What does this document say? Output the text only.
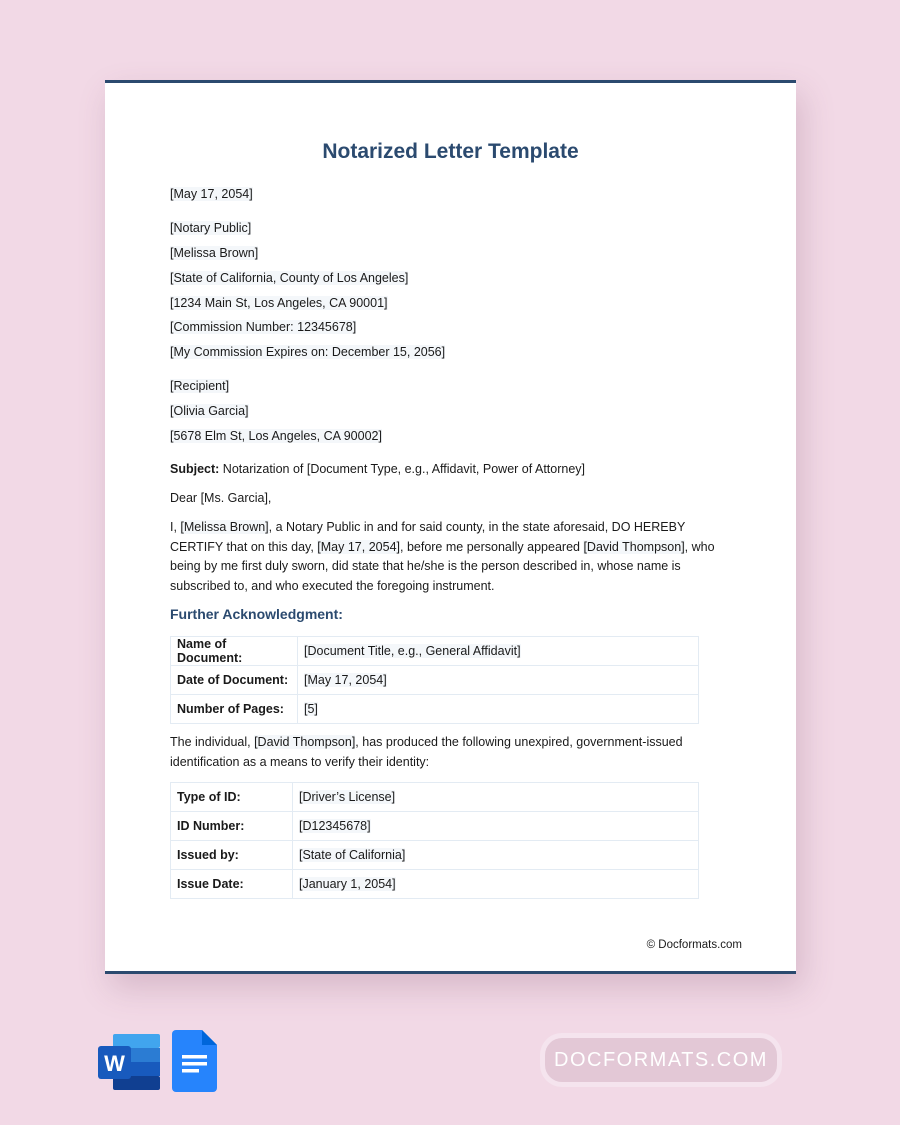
Notarized Letter Template
[May 17, 2054]
[Notary Public]
[Melissa Brown]
[State of California, County of Los Angeles]
[1234 Main St, Los Angeles, CA 90001]
[Commission Number: 12345678]
[My Commission Expires on: December 15, 2056]
[Recipient]
[Olivia Garcia]
[5678 Elm St, Los Angeles, CA 90002]
Subject: Notarization of [Document Type, e.g., Affidavit, Power of Attorney]
Dear [Ms. Garcia],
I, [Melissa Brown], a Notary Public in and for said county, in the state aforesaid, DO HEREBY CERTIFY that on this day, [May 17, 2054], before me personally appeared [David Thompson], who being by me first duly sworn, did state that he/she is the person described in, whose name is subscribed to, and who executed the foregoing instrument.
Further Acknowledgment:
Name of Document:	[Document Title, e.g., General Affidavit]
Date of Document:	[May 17, 2054]
Number of Pages:	[5]
The individual, [David Thompson], has produced the following unexpired, government-issued identification as a means to verify their identity:
Type of ID:	[Driver’s License]
ID Number:	[D12345678]
Issued by:	[State of California]
Issue Date:	[January 1, 2054]
© Docformats.com
W	DOCFORMATS.COM
